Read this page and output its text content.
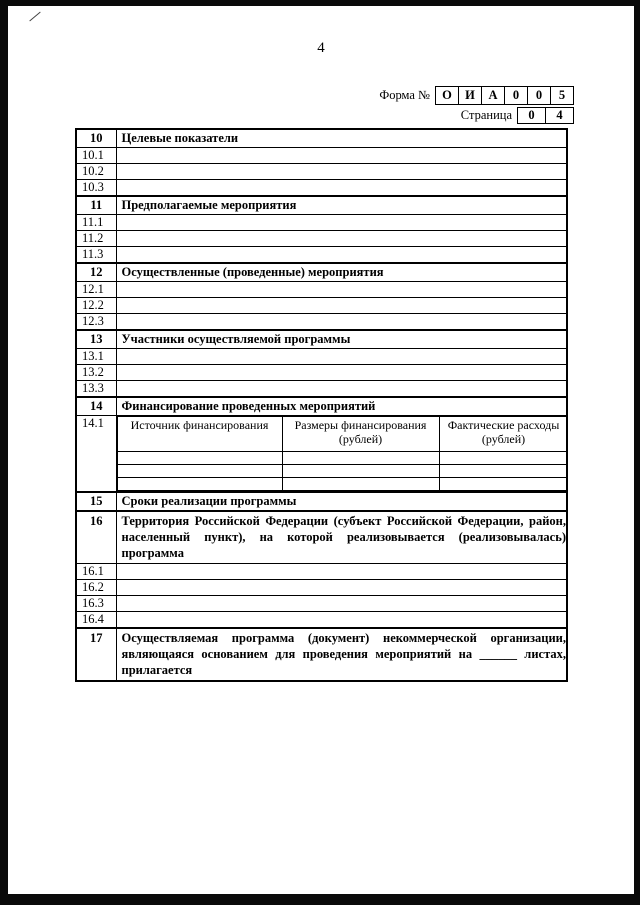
4
Форма № О	И	А	0	0	5
Страница	0	4
10	Целевые показатели
10.1	
10.2	
10.3	
11	Предполагаемые мероприятия
11.1	
11.2	
11.3	
12	Осуществленные (проведенные) мероприятия
12.1	
12.2	
12.3	
13	Участники осуществляемой программы
13.1	
13.2	
13.3	
14	Финансирование проведенных мероприятий
14.1	Источник финансирования	Размеры финансирования (рублей)	Фактические расходы (рублей)

15	Сроки реализации программы
16	Территория Российской Федерации (субъект Российской Федерации, район, населенный пункт), на которой реализовывается (реализовывалась) программа
16.1	
16.2	
16.3	
16.4	
17	Осуществляемая программа (документ) некоммерческой организации, являющаяся основанием для проведения мероприятий на ______ листах, прилагается
